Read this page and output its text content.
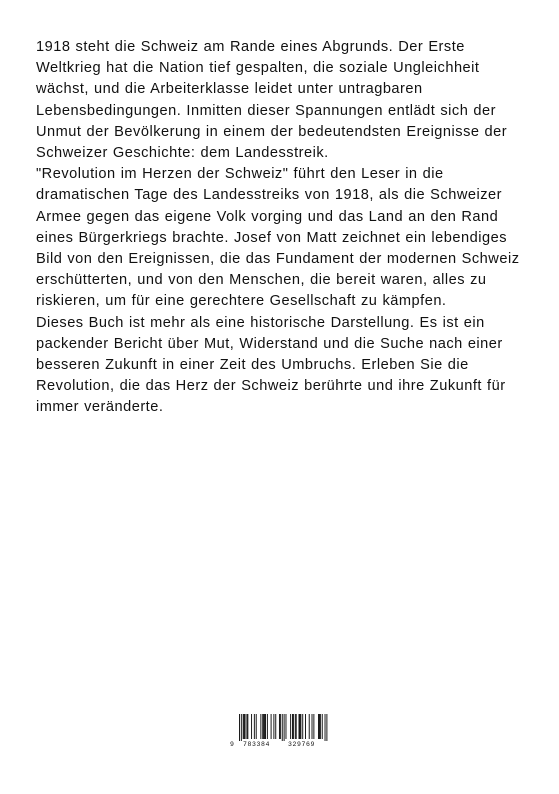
1918 steht die Schweiz am Rande eines Abgrunds. Der Erste Weltkrieg hat die Nation tief gespalten, die soziale Ungleichheit wächst, und die Arbeiterklasse leidet unter untragbaren Lebensbedingungen. Inmitten dieser Spannungen entlädt sich der Unmut der Bevölkerung in einem der bedeutendsten Ereignisse der Schweizer Geschichte: dem Landesstreik.

"Revolution im Herzen der Schweiz" führt den Leser in die dramatischen Tage des Landesstreiks von 1918, als die Schweizer Armee gegen das eigene Volk vorging und das Land an den Rand eines Bürgerkriegs brachte. Josef von Matt zeichnet ein lebendiges Bild von den Ereignissen, die das Fundament der modernen Schweiz erschütterten, und von den Menschen, die bereit waren, alles zu riskieren, um für eine gerechtere Gesellschaft zu kämpfen.

Dieses Buch ist mehr als eine historische Darstellung. Es ist ein packender Bericht über Mut, Widerstand und die Suche nach einer besseren Zukunft in einer Zeit des Umbruchs. Erleben Sie die Revolution, die das Herz der Schweiz berührte und ihre Zukunft für immer veränderte.

9 783384	329769
